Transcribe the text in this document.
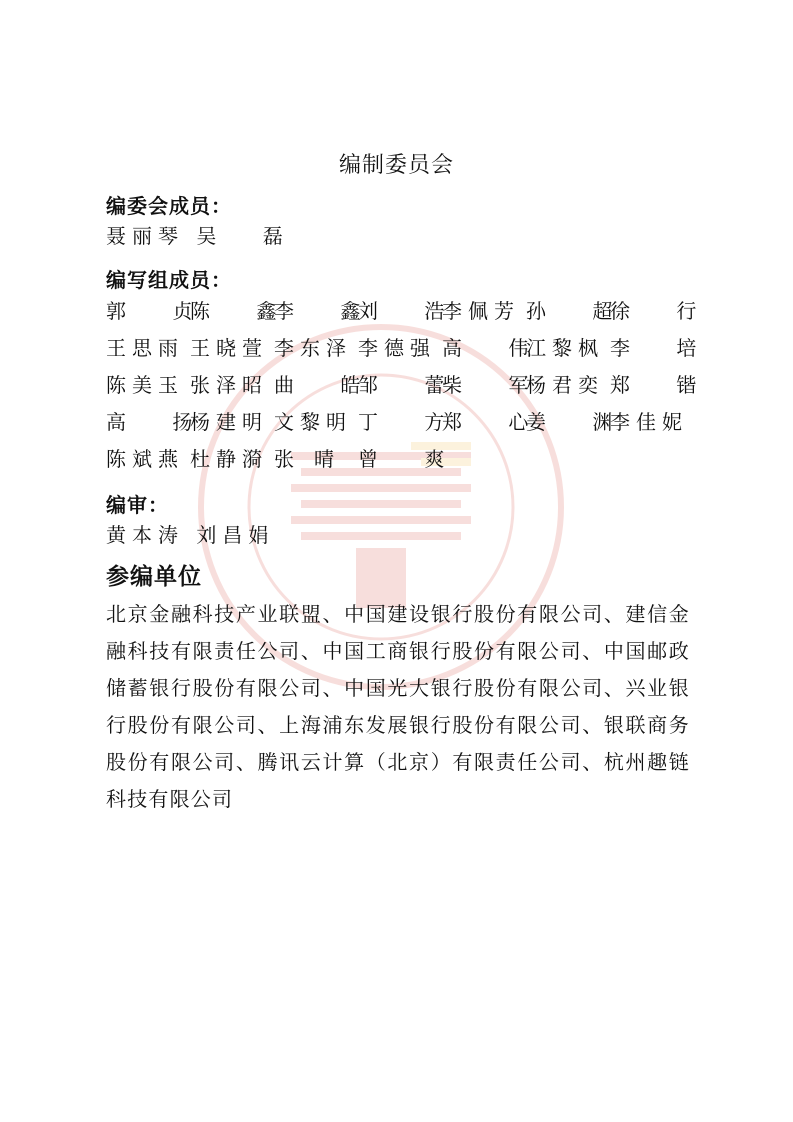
编制委员会
编委会成员：
聂丽琴 吴 磊
编写组成员：
郭 贞陈 鑫李 鑫刘 浩李佩芳 孙 超徐 行
王思雨 王晓萱 李东泽 李德强 高 伟江黎枫 李 培
陈美玉 张泽昭 曲 皓邹 蕾柴 军杨君奕 郑 锴
高 扬杨建明 文黎明 丁 方郑 心姜 渊李佳妮
陈斌燕 杜静漪 张晴 曾 爽
编审：
黄本涛 刘昌娟
参编单位
北京金融科技产业联盟、中国建设银行股份有限公司、建信金融科技有限责任公司、中国工商银行股份有限公司、中国邮政储蓄银行股份有限公司、中国光大银行股份有限公司、兴业银行股份有限公司、上海浦东发展银行股份有限公司、银联商务股份有限公司、腾讯云计算（北京）有限责任公司、杭州趣链科技有限公司
